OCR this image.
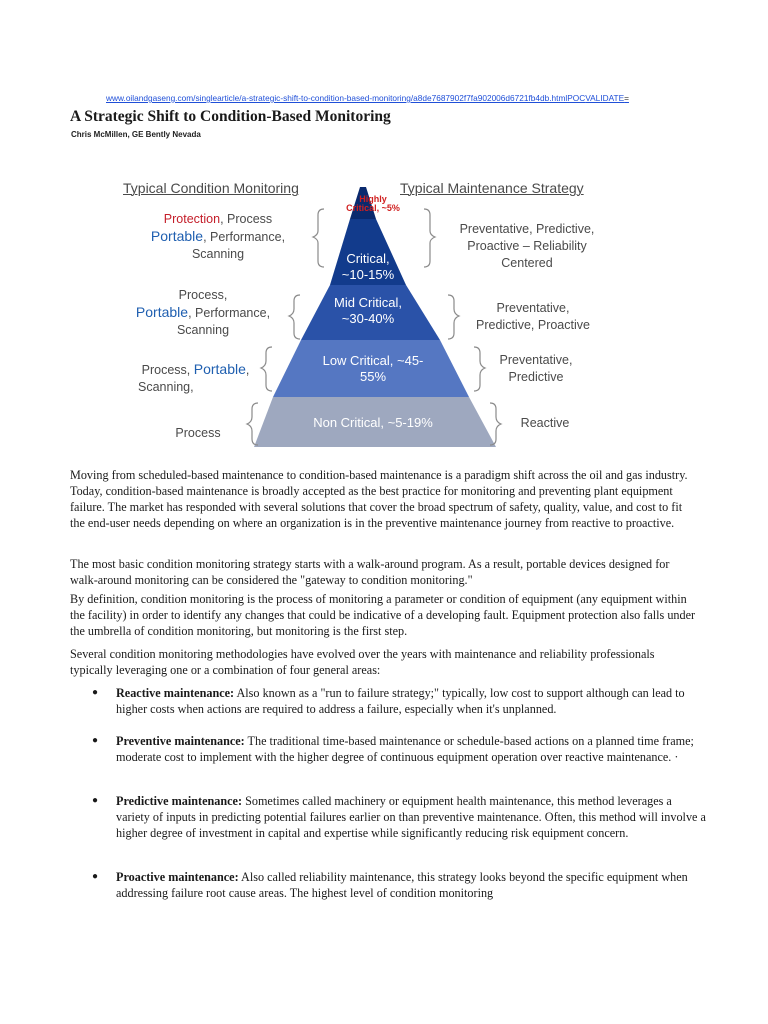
www.oilandgaseng.com/singlearticle/a-strategic-shift-to-condition-based-monitoring/a8de7687902f7fa902006d6721fb4db.htmlPOCVALIDATE=
A Strategic Shift to Condition-Based Monitoring
Chris McMillen, GE Bently Nevada
Typical Condition Monitoring	Typical Maintenance Strategy
Highly Critical, ~5%
Critical,
~10-15%
Mid Critical,
~30-40%
Low Critical, ~45-
55%
Non Critical, ~5-19%
Protection, Process
Portable, Performance,
Scanning
Process,
Portable, Performance,
Scanning
Process, Portable,
Scanning,
Process
Preventative, Predictive,
Proactive – Reliability
Centered
Preventative,
Predictive, Proactive
Preventative,
Predictive
Reactive

Moving from scheduled-based maintenance to condition-based maintenance is a paradigm shift across the oil and gas industry. Today, condition-based maintenance is broadly accepted as the best practice for monitoring and preventing plant equipment failure. The market has responded with several solutions that cover the broad spectrum of safety, quality, value, and cost to fit the end-user needs depending on where an organization is in the preventive maintenance journey from reactive to proactive.

The most basic condition monitoring strategy starts with a walk-around program. As a result, portable devices designed for walk-around monitoring can be considered the "gateway to condition monitoring."

By definition, condition monitoring is the process of monitoring a parameter or condition of equipment (any equipment within the facility) in order to identify any changes that could be indicative of a developing fault. Equipment protection also falls under the umbrella of condition monitoring, but monitoring is the first step.

Several condition monitoring methodologies have evolved over the years with maintenance and reliability professionals typically leveraging one or a combination of four general areas:

● Reactive maintenance: Also known as a "run to failure strategy;" typically, low cost to support although can lead to higher costs when actions are required to address a failure, especially when it's unplanned.
● Preventive maintenance: The traditional time-based maintenance or schedule-based actions on a planned time frame; moderate cost to implement with the higher degree of continuous equipment operation over reactive maintenance. ·
● Predictive maintenance: Sometimes called machinery or equipment health maintenance, this method leverages a variety of inputs in predicting potential failures earlier on than preventive maintenance. Often, this method will involve a higher degree of investment in capital and expertise while significantly reducing risk equipment concern.
● Proactive maintenance: Also called reliability maintenance, this strategy looks beyond the specific equipment when addressing failure root cause areas. The highest level of condition monitoring
